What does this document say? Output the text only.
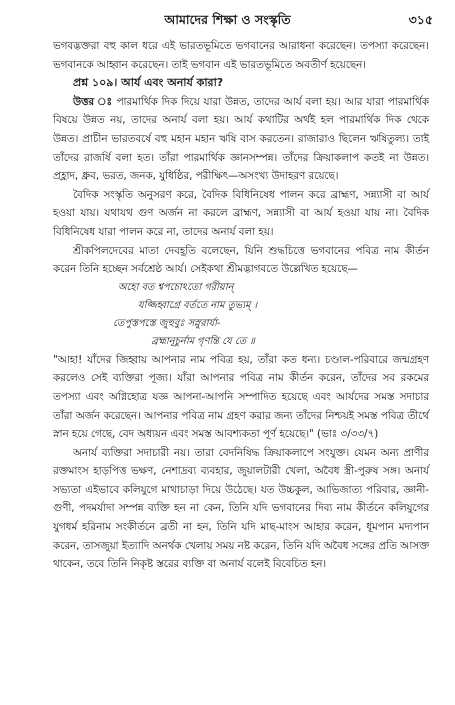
আমাদের শিক্ষা ও সংস্কৃতি	৩১৫

ভগবদ্ভক্তরা বহু কাল ধরে এই ভারতভূমিতে ভগবানের আরাধনা করেছেন। তপস্যা করেছেন। ভগবানকে আহ্বান করেছেন। তাই ভগবান এই ভারতভূমিতে অবতীর্ণ হয়েছেন।

প্রশ্ন ১০৯। আর্য এবং অনার্য কারা?

উত্তর ঃ পারমার্থিক দিক দিয়ে যারা উন্নত, তাদের আর্য বলা হয়। আর যারা পারমার্থিক বিষয়ে উন্নত নয়, তাদের অনার্য বলা হয়। আর্য কথাটির অর্থই হল পারমার্থিক দিক থেকে উন্নত। প্রাচীন ভারতবর্ষে বহু মহান মহান ঋষি বাস করতেন। রাজারাও ছিলেন ঋষিতুল্য। তাই তাঁদের রাজর্ষি বলা হত। তাঁরা পারমার্থিক জ্ঞানসম্পন্ন। তাঁদের ক্রিয়াকলাপ কতই না উন্নত। প্রহ্লাদ, ধ্রুব, ভরত, জনক, যুধিষ্ঠির, পরীক্ষিৎ—অসংখ্য উদাহরণ রয়েছে।

বৈদিক সংস্কৃতি অনুসরণ করে, বৈদিক বিধিনিষেধ পালন করে ব্রাহ্মণ, সন্ন্যাসী বা আর্য হওয়া যায়। যথাযথ গুণ অর্জন না করলে ব্রাহ্মণ, সন্ন্যাসী বা আর্য হওয়া যায় না। বৈদিক বিধিনিষেধ যারা পালন করে না, তাদের অনার্য বলা হয়।

শ্রীকপিলদেবের মাতা দেবহূতি বলেছেন, যিনি শুদ্ধচিত্তে ভগবানের পবিত্র নাম কীর্তন করেন তিনি হচ্ছেন সর্বশ্রেষ্ঠ আর্য। সেইকথা শ্রীমদ্ভাগবতে উল্লেখিত হয়েছে—

অহো বত শ্বপচোঽতো গরীয়ান্

যজ্জিহ্বাগ্রে বর্ততে নাম তুভ্যম্ ।

তেপুস্তপস্তে জুহুবুঃ সস্নুরার্যা-

ব্রহ্মানূচুর্নাম গৃণন্তি যে তে ॥

"আহা! যাঁদের জিহ্বায় আপনার নাম পবিত্র হয়, তাঁরা কত ধন্য। চণ্ডাল-পরিবারে জন্মগ্রহণ করলেও সেই ব্যক্তিরা পূজ্য। যাঁরা আপনার পবিত্র নাম কীর্তন করেন, তাঁদের সব রকমের তপস্যা এবং অগ্নিহোত্র যজ্ঞ আপনা-আপনি সম্পাদিত হয়েছে এবং আর্যদের সমস্ত সদাচার তাঁরা অর্জন করেছেন। আপনার পবিত্র নাম গ্রহণ করার জন্য তাঁদের নিশ্চয়ই সমস্ত পবিত্র তীর্থে স্নান হয়ে গেছে, বেদ অধ্যয়ন এবং সমস্ত আবশ্যকতা পূর্ণ হয়েছে।" (ভাঃ ৩/৩৩/৭)

অনার্য ব্যক্তিরা সদাচারী নয়। তারা বেদনিষিদ্ধ ক্রিয়াকলাপে সংযুক্ত। যেমন অন্য প্রাণীর রক্তমাংস হাড়পিত্ত ভক্ষণ, নেশাদ্রব্য ব্যবহার, জুয়ালটারী খেলা, অবৈধ স্ত্রী-পুরুষ সঙ্গ। অনার্য সভ্যতা এইভাবে কলিযুগে মাথাচাড়া দিয়ে উঠেছে। যত উচ্চকুল, আভিজাত্য পরিবার, জ্ঞানী-গুণী, পদমর্যাদা সম্পন্ন ব্যক্তি হন না কেন, তিনি যদি ভগবানের দিব্য নাম কীর্তনে কলিযুগের যুগধর্ম হরিনাম সংকীর্তনে ব্রতী না হন, তিনি যদি মাছ-মাংস আহার করেন, ধূমপান মদ্যপান করেন, তাসজুয়া ইত্যাদি অনর্থক খেলায় সময় নষ্ট করেন, তিনি যদি অবৈধ সঙ্গের প্রতি আসক্ত থাকেন, তবে তিনি নিকৃষ্ট স্তরের ব্যক্তি বা অনার্য বলেই বিবেচিত হন।
